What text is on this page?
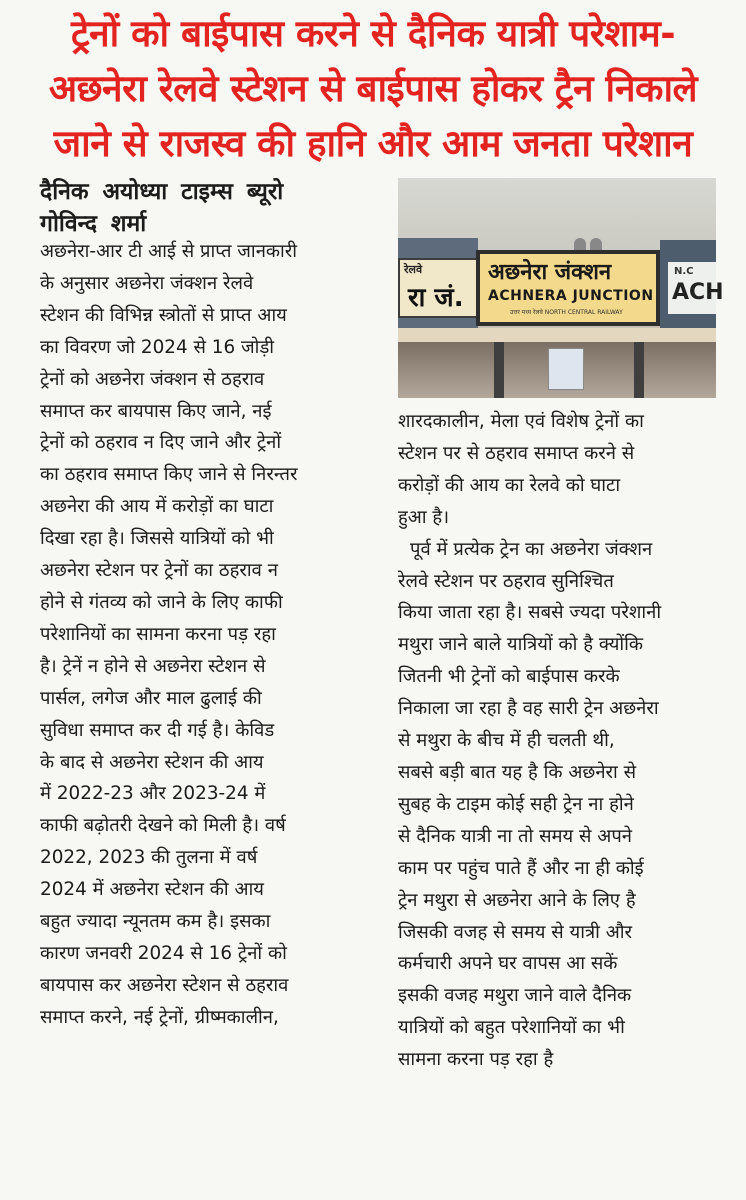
ट्रेनों को बाईपास करने से दैनिक यात्री परेशाम-
अछनेरा रेलवे स्टेशन से बाईपास होकर ट्रैन निकाले
जाने से राजस्व की हानि और आम जनता परेशान
दैनिक अयोध्या टाइम्स ब्यूरो
गोविन्द शर्मा
रेलवे
रा जं.
N.C
ACH
अछनेरा जंक्शन
ACHNERA JUNCTION
उत्तर मध्य रेलवे NORTH CENTRAL RAILWAY
अछनेरा-आर टी आई से प्राप्त जानकारी
के अनुसार अछनेरा जंक्शन रेलवे
स्टेशन की विभिन्न स्त्रोतों से प्राप्त आय
का विवरण जो 2024 से 16 जोड़ी
ट्रेनों को अछनेरा जंक्शन से ठहराव
समाप्त कर बायपास किए जाने, नई
ट्रेनों को ठहराव न दिए जाने और ट्रेनों
का ठहराव समाप्त किए जाने से निरन्तर
अछनेरा की आय में करोड़ों का घाटा
दिखा रहा है। जिससे यात्रियों को भी
अछनेरा स्टेशन पर ट्रेनों का ठहराव न
होने से गंतव्य को जाने के लिए काफी
परेशानियों का सामना करना पड़ रहा
है। ट्रेनें न होने से अछनेरा स्टेशन से
पार्सल, लगेज और माल ढुलाई की
सुविधा समाप्त कर दी गई है। केविड
के बाद से अछनेरा स्टेशन की आय
में 2022-23 और 2023-24 में
काफी बढ़ोतरी देखने को मिली है। वर्ष
2022, 2023 की तुलना में वर्ष
2024 में अछनेरा स्टेशन की आय
बहुत ज्यादा न्यूनतम कम है। इसका
कारण जनवरी 2024 से 16 ट्रेनों को
बायपास कर अछनेरा स्टेशन से ठहराव
समाप्त करने, नई ट्रेनों, ग्रीष्मकालीन,
शारदकालीन, मेला एवं विशेष ट्रेनों का
स्टेशन पर से ठहराव समाप्त करने से
करोड़ों की आय का रेलवे को घाटा
हुआ है।
पूर्व में प्रत्येक ट्रेन का अछनेरा जंक्शन
रेलवे स्टेशन पर ठहराव सुनिश्चित
किया जाता रहा है। सबसे ज्यदा परेशानी
मथुरा जाने बाले यात्रियों को है क्योंकि
जितनी भी ट्रेनों को बाईपास करके
निकाला जा रहा है वह सारी ट्रेन अछनेरा
से मथुरा के बीच में ही चलती थी,
सबसे बड़ी बात यह है कि अछनेरा से
सुबह के टाइम कोई सही ट्रेन ना होने
से दैनिक यात्री ना तो समय से अपने
काम पर पहुंच पाते हैं और ना ही कोई
ट्रेन मथुरा से अछनेरा आने के लिए है
जिसकी वजह से समय से यात्री और
कर्मचारी अपने घर वापस आ सकें
इसकी वजह मथुरा जाने वाले दैनिक
यात्रियों को बहुत परेशानियों का भी
सामना करना पड़ रहा है
